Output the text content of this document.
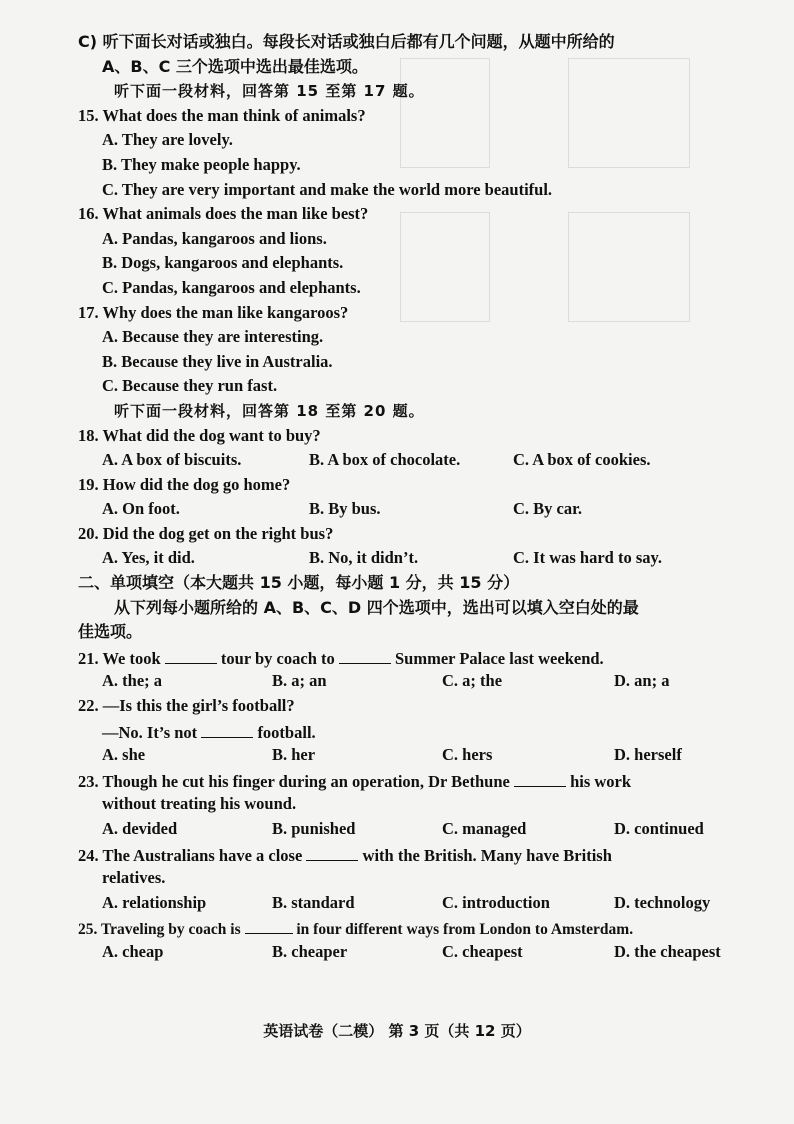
C) 听下面长对话或独白。每段长对话或独白后都有几个问题，从题中所给的
A、B、C 三个选项中选出最佳选项。
听下面一段材料，回答第 15 至第 17 题。
15. What does the man think of animals?
A. They are lovely.
B. They make people happy.
C. They are very important and make the world more beautiful.
16. What animals does the man like best?
A. Pandas, kangaroos and lions.
B. Dogs, kangaroos and elephants.
C. Pandas, kangaroos and elephants.
17. Why does the man like kangaroos?
A. Because they are interesting.
B. Because they live in Australia.
C. Because they run fast.
听下面一段材料，回答第 18 至第 20 题。
18. What did the dog want to buy?
A. A box of biscuits.	B. A box of chocolate.	C. A box of cookies.
19. How did the dog go home?
A. On foot.	B. By bus.	C. By car.
20. Did the dog get on the right bus?
A. Yes, it did.	B. No, it didn’t.	C. It was hard to say.
二、单项填空（本大题共 15 小题，每小题 1 分，共 15 分）
从下列每小题所给的 A、B、C、D 四个选项中，选出可以填入空白处的最
佳选项。
21. We took	tour by coach to	Summer Palace last weekend.
A. the; a	B. a; an	C. a; the	D. an; a
22. —Is this the girl’s football?
—No. It’s not	football.
A. she	B. her	C. hers	D. herself
23. Though he cut his finger during an operation, Dr Bethune	his work
without treating his wound.
A. devided	B. punished	C. managed	D. continued
24. The Australians have a close	with the British. Many have British
relatives.
A. relationship	B. standard	C. introduction	D. technology
25. Traveling by coach is	in four different ways from London to Amsterdam.
A. cheap	B. cheaper	C. cheapest	D. the cheapest
英语试卷（二模） 第 3 页（共 12 页）
